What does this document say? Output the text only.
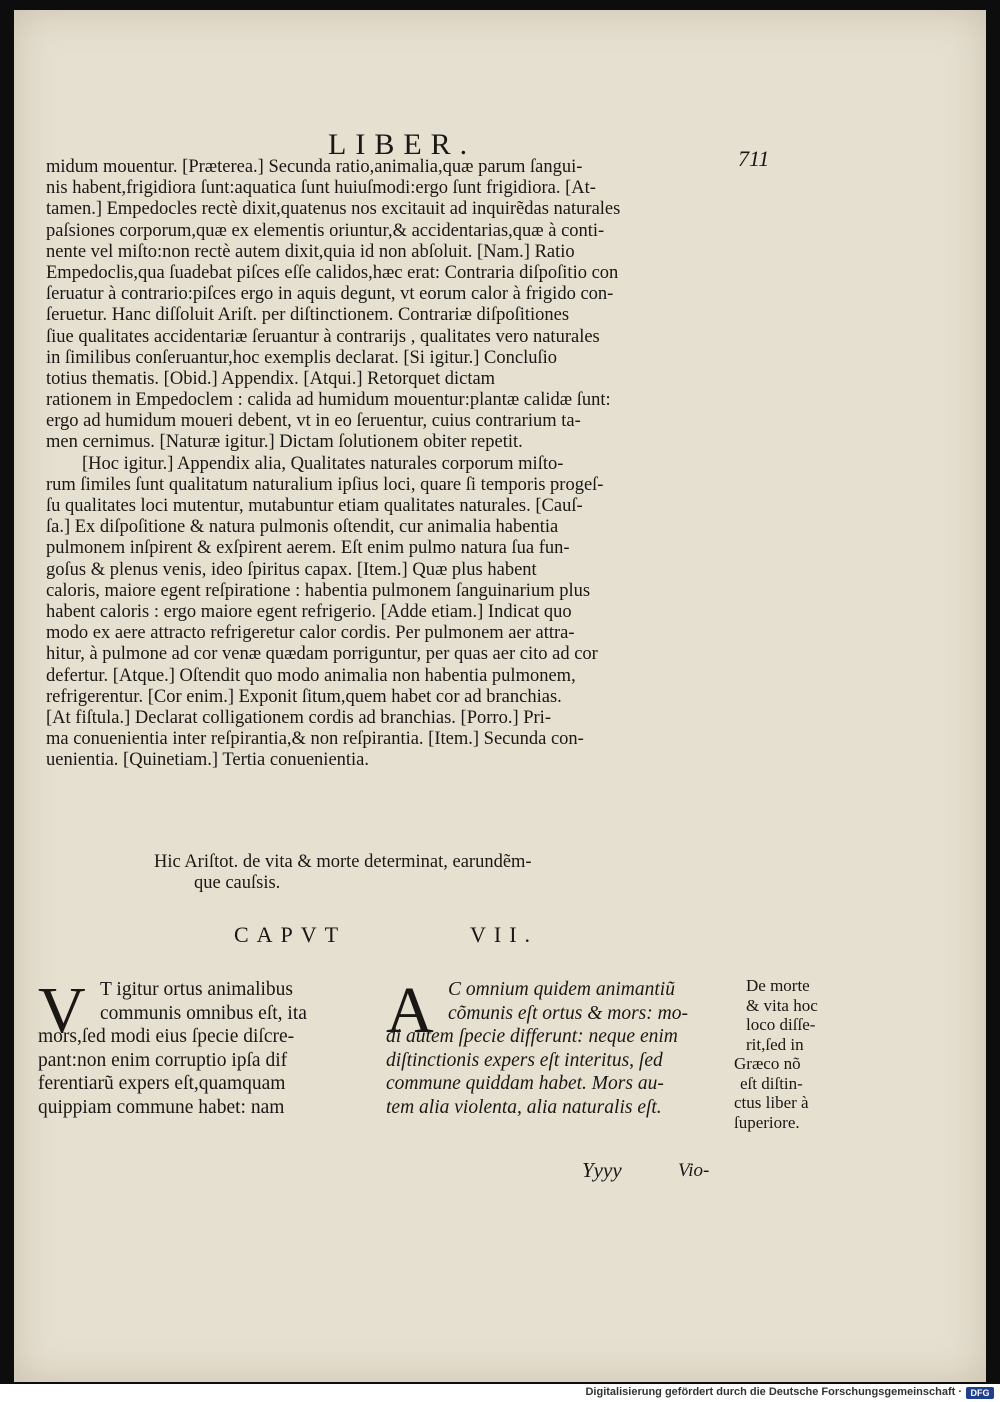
LIBER.	711
midum mouentur. [Præterea.] Secunda ratio,animalia,quæ parum ſangui-
nis habent,frigidiora ſunt:aquatica ſunt huiuſmodi:ergo ſunt frigidiora. [At-
tamen.] Empedocles rectè dixit,quatenus nos excitauit ad inquirẽdas naturales
paſsiones corporum,quæ ex elementis oriuntur,& accidentarias,quæ à conti-
nente vel miſto:non rectè autem dixit,quia id non abſoluit. [Nam.] Ratio
Empedoclis,qua ſuadebat piſces eſſe calidos,hæc erat: Contraria diſpoſitio con
ſeruatur à contrario:piſces ergo in aquis degunt, vt eorum calor à frigido con-
ſeruetur. Hanc diſſoluit Ariſt. per diſtinctionem. Contrariæ diſpoſitiones
ſiue qualitates accidentariæ ſeruantur à contrarijs , qualitates vero naturales
in ſimilibus conſeruantur,hoc exemplis declarat. [Si igitur.] Concluſio
totius thematis. [Obid.] Appendix. [Atqui.] Retorquet dictam
rationem in Empedoclem : calida ad humidum mouentur:plantæ calidæ ſunt:
ergo ad humidum moueri debent, vt in eo ſeruentur, cuius contrarium ta-
men cernimus. [Naturæ igitur.] Dictam ſolutionem obiter repetit.
[Hoc igitur.] Appendix alia, Qualitates naturales corporum miſto-
rum ſimiles ſunt qualitatum naturalium ipſius loci, quare ſi temporis progeſ-
ſu qualitates loci mutentur, mutabuntur etiam qualitates naturales. [Cauſ-
ſa.] Ex diſpoſitione & natura pulmonis oſtendit, cur animalia habentia
pulmonem inſpirent & exſpirent aerem. Eſt enim pulmo natura ſua fun-
goſus & plenus venis, ideo ſpiritus capax. [Item.] Quæ plus habent
caloris, maiore egent reſpiratione : habentia pulmonem ſanguinarium plus
habent caloris : ergo maiore egent refrigerio. [Adde etiam.] Indicat quo
modo ex aere attracto refrigeretur calor cordis. Per pulmonem aer attra-
hitur, à pulmone ad cor venæ quædam porriguntur, per quas aer cito ad cor
defertur. [Atque.] Oſtendit quo modo animalia non habentia pulmonem,
refrigerentur. [Cor enim.] Exponit ſitum,quem habet cor ad branchias.
[At fiſtula.] Declarat colligationem cordis ad branchias. [Porro.] Pri-
ma conuenientia inter reſpirantia,& non reſpirantia. [Item.] Secunda con-
uenientia. [Quinetiam.] Tertia conuenientia.
Hic Ariſtot. de vita & morte determinat, earundẽm-
que cauſsis.
CAPVT	VII.
V T igitur ortus animalibus
communis omnibus eſt, ita
mors,ſed modi eius ſpecie diſcre-
pant:non enim corruptio ipſa dif
ferentiarũ expers eſt,quamquam
quippiam commune habet: nam
A C omnium quidem animantiũ
cõmunis eſt ortus & mors: mo-
di autem ſpecie differunt: neque enim
diſtinctionis expers eſt interitus, ſed
commune quiddam habet. Mors au-
tem alia violenta, alia naturalis eſt.
De morte
& vita hoc
loco diſſe-
rit,ſed in
Græco nõ
eſt diſtin-
ctus liber à
ſuperiore.
Yyyy	Vio-
Digitalisierung gefördert durch die Deutsche Forschungsgemeinschaft · DFG
